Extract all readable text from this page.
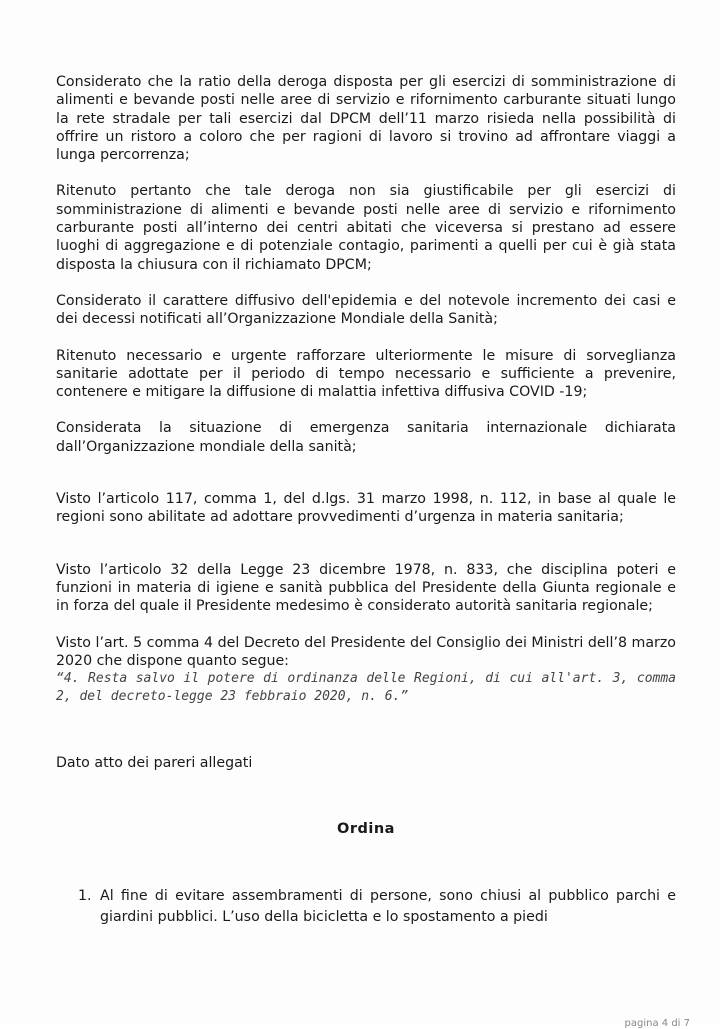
Considerato che la ratio della deroga disposta per gli esercizi di somministrazione di alimenti e bevande posti nelle aree di servizio e rifornimento carburante situati lungo la rete stradale per tali esercizi dal DPCM dell’11 marzo risieda nella possibilità di offrire un ristoro a coloro che per ragioni di lavoro si trovino ad affrontare viaggi a lunga percorrenza;

Ritenuto pertanto che tale deroga non sia giustificabile per gli esercizi di somministrazione di alimenti e bevande posti nelle aree di servizio e rifornimento carburante posti all’interno dei centri abitati che viceversa si prestano ad essere luoghi di aggregazione e di potenziale contagio, parimenti a quelli per cui è già stata disposta la chiusura con il richiamato DPCM;

Considerato il carattere diffusivo dell'epidemia e del notevole incremento dei casi e dei decessi notificati all’Organizzazione Mondiale della Sanità;

Ritenuto necessario e urgente rafforzare ulteriormente le misure di sorveglianza sanitarie adottate per il periodo di tempo necessario e sufficiente a prevenire, contenere e mitigare la diffusione di malattia infettiva diffusiva COVID -19;

Considerata la situazione di emergenza sanitaria internazionale dichiarata dall’Organizzazione mondiale della sanità;

Visto l’articolo 117, comma 1, del d.lgs. 31 marzo 1998, n. 112, in base al quale le regioni sono abilitate ad adottare provvedimenti d’urgenza in materia sanitaria;

Visto l’articolo 32 della Legge 23 dicembre 1978, n. 833, che disciplina poteri e funzioni in materia di igiene e sanità pubblica del Presidente della Giunta regionale e in forza del quale il Presidente medesimo è considerato autorità sanitaria regionale;

Visto l’art. 5 comma 4 del Decreto del Presidente del Consiglio dei Ministri dell’8 marzo 2020 che dispone quanto segue:

“4. Resta salvo il potere di ordinanza delle Regioni, di cui all'art. 3, comma 2, del decreto-legge 23 febbraio 2020, n. 6.”

Dato atto dei pareri allegati

Ordina

1. Al fine di evitare assembramenti di persone, sono chiusi al pubblico parchi e giardini pubblici. L’uso della bicicletta e lo spostamento a piedi
pagina 4 di 7
